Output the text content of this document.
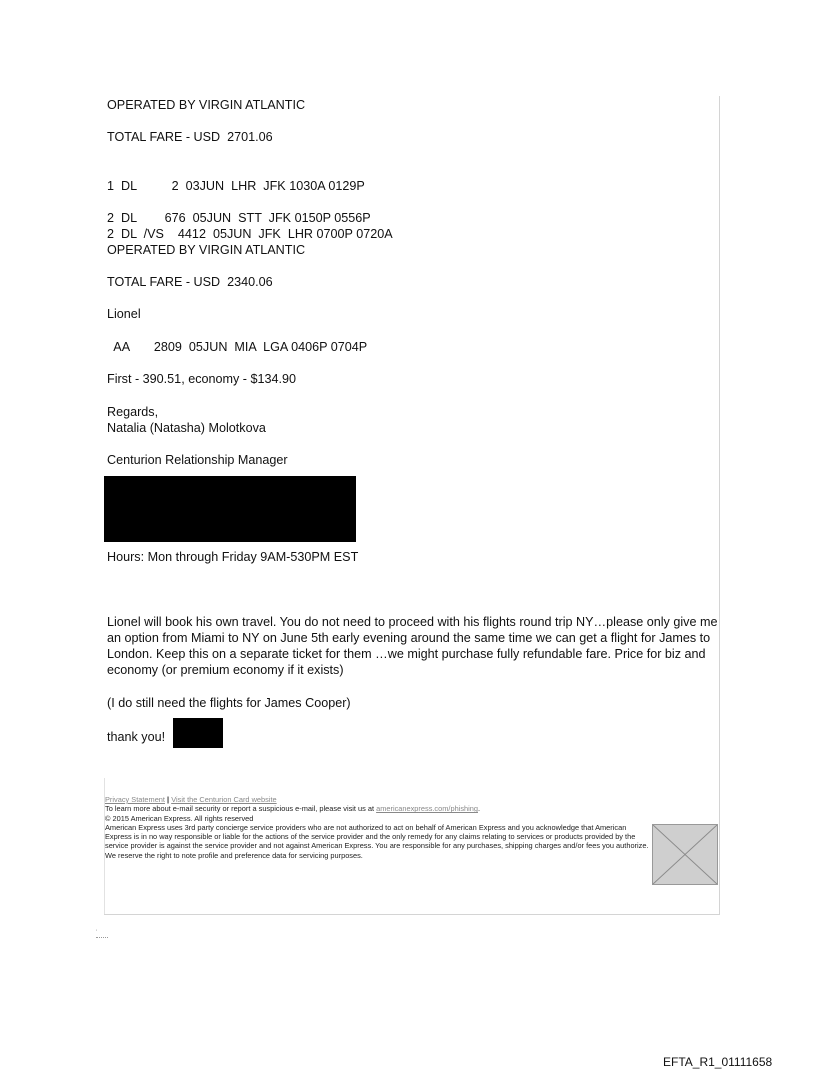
OPERATED BY VIRGIN ATLANTIC
TOTAL FARE - USD  2701.06
1  DL          2  03JUN  LHR  JFK 1030A 0129P
2  DL        676  05JUN  STT  JFK 0150P 0556P
2  DL  /VS    4412  05JUN  JFK  LHR 0700P 0720A
OPERATED BY VIRGIN ATLANTIC
TOTAL FARE - USD  2340.06
Lionel
AA       2809  05JUN  MIA  LGA 0406P 0704P
First - 390.51, economy - $134.90
Regards,
Natalia (Natasha) Molotkova
Centurion Relationship Manager
Hours: Mon through Friday 9AM-530PM EST
Lionel will book his own travel. You do not need to proceed with his flights round trip NY…please only give me an option from Miami to NY on June 5th early evening around the same time we can get a flight for James to London. Keep this on a separate ticket for them …we might purchase fully refundable fare. Price for biz and economy (or premium economy if it exists)
(I do still need the flights for James Cooper)
thank you!
Privacy Statement | Visit the Centurion Card website
To learn more about e-mail security or report a suspicious e-mail, please visit us at americanexpress.com/phishing.
© 2015 American Express. All rights reserved
American Express uses 3rd party concierge service providers who are not authorized to act on behalf of American Express and you acknowledge that American Express is in no way responsible or liable for the actions of the service provider and the only remedy for any claims relating to services or products provided by the service provider is against the service provider and not against American Express. You are responsible for any purchases, shipping charges and/or fees you authorize. We reserve the right to note profile and preference data for servicing purposes.
'
EFTA_R1_01111658
